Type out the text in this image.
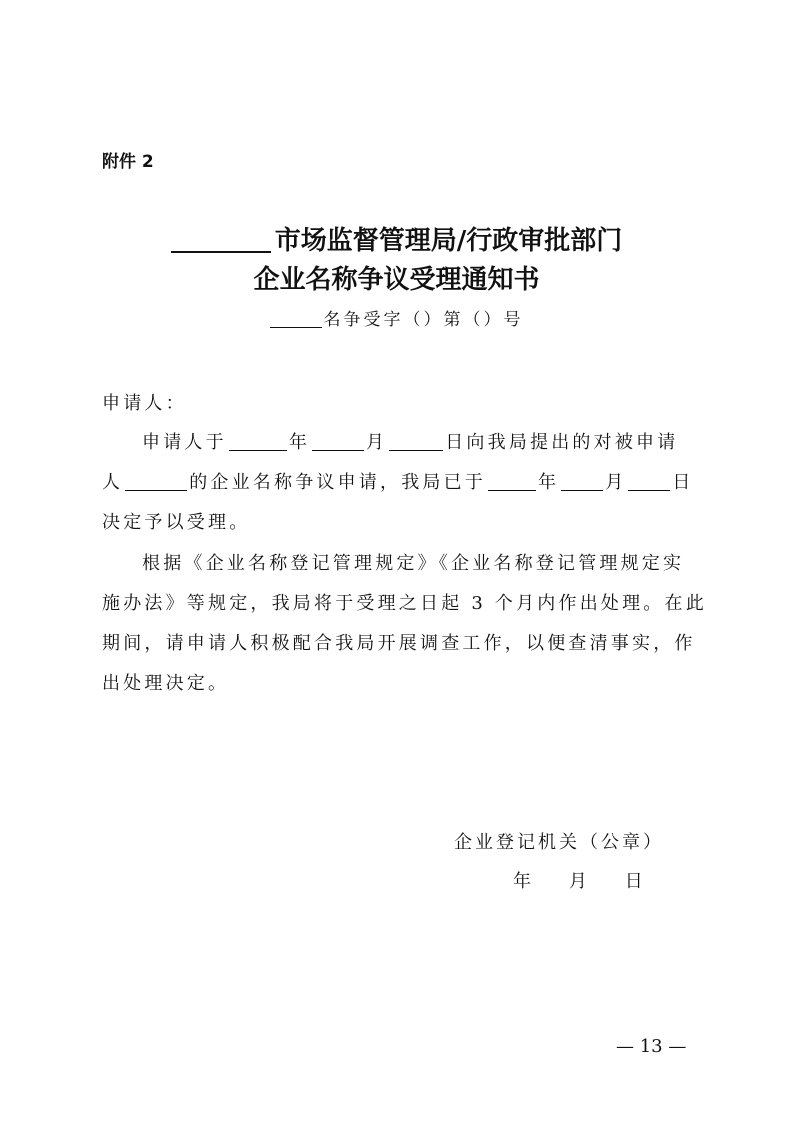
附件 2
市场监督管理局/行政审批部门
企业名称争议受理通知书
名争受字（）第（）号
申请人：
申请人于	年	月	日向我局提出的对被申请
人	的企业名称争议申请，我局已于	年	月	日
决定予以受理。
根据《企业名称登记管理规定》《企业名称登记管理规定实
施办法》等规定，我局将于受理之日起 3 个月内作出处理。在此
期间，请申请人积极配合我局开展调查工作，以便查清事实，作
出处理决定。
企业登记机关（公章）
年    月    日
— 13 —
